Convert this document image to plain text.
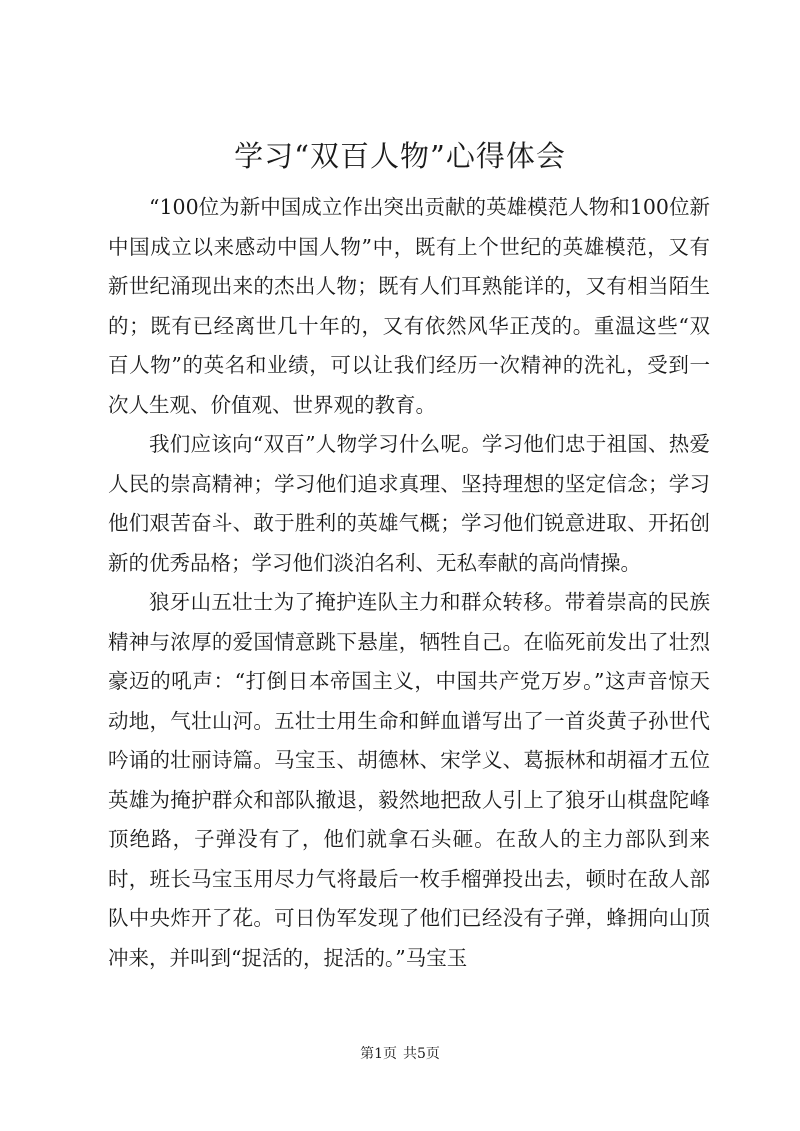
学习“双百人物”心得体会

“100位为新中国成立作出突出贡献的英雄模范人物和100位新中国成立以来感动中国人物”中，既有上个世纪的英雄模范，又有新世纪涌现出来的杰出人物；既有人们耳熟能详的，又有相当陌生的；既有已经离世几十年的，又有依然风华正茂的。重温这些“双百人物”的英名和业绩，可以让我们经历一次精神的洗礼，受到一次人生观、价值观、世界观的教育。

我们应该向“双百”人物学习什么呢。学习他们忠于祖国、热爱人民的崇高精神；学习他们追求真理、坚持理想的坚定信念；学习他们艰苦奋斗、敢于胜利的英雄气概；学习他们锐意进取、开拓创新的优秀品格；学习他们淡泊名利、无私奉献的高尚情操。

狼牙山五壮士为了掩护连队主力和群众转移。带着崇高的民族精神与浓厚的爱国情意跳下悬崖，牺牲自己。在临死前发出了壮烈豪迈的吼声：“打倒日本帝国主义，中国共产党万岁。”这声音惊天动地，气壮山河。五壮士用生命和鲜血谱写出了一首炎黄子孙世代吟诵的壮丽诗篇。马宝玉、胡德林、宋学义、葛振林和胡福才五位英雄为掩护群众和部队撤退，毅然地把敌人引上了狼牙山棋盘陀峰顶绝路，子弹没有了，他们就拿石头砸。在敌人的主力部队到来时，班长马宝玉用尽力气将最后一枚手榴弹投出去，顿时在敌人部队中央炸开了花。可日伪军发现了他们已经没有子弹，蜂拥向山顶冲来，并叫到“捉活的，捉活的。”马宝玉

第1页 共5页
